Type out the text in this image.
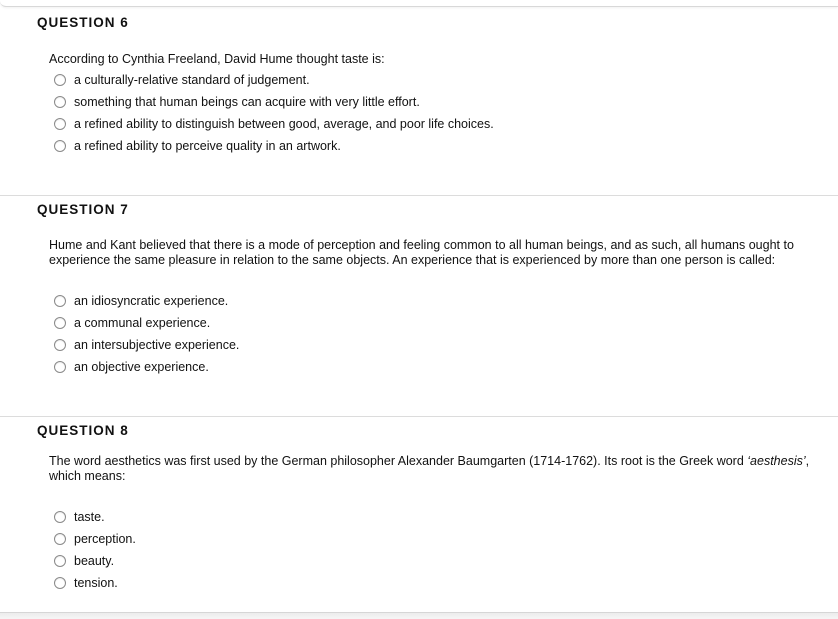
QUESTION 6

According to Cynthia Freeland, David Hume thought taste is:

a culturally-relative standard of judgement.
something that human beings can acquire with very little effort.
a refined ability to distinguish between good, average, and poor life choices.
a refined ability to perceive quality in an artwork.
QUESTION 7

Hume and Kant believed that there is a mode of perception and feeling common to all human beings, and as such, all humans ought to experience the same pleasure in relation to the same objects. An experience that is experienced by more than one person is called:

an idiosyncratic experience.
a communal experience.
an intersubjective experience.
an objective experience.
QUESTION 8

The word aesthetics was first used by the German philosopher Alexander Baumgarten (1714-1762). Its root is the Greek word ‘aesthesis’, which means:

taste.
perception.
beauty.
tension.
